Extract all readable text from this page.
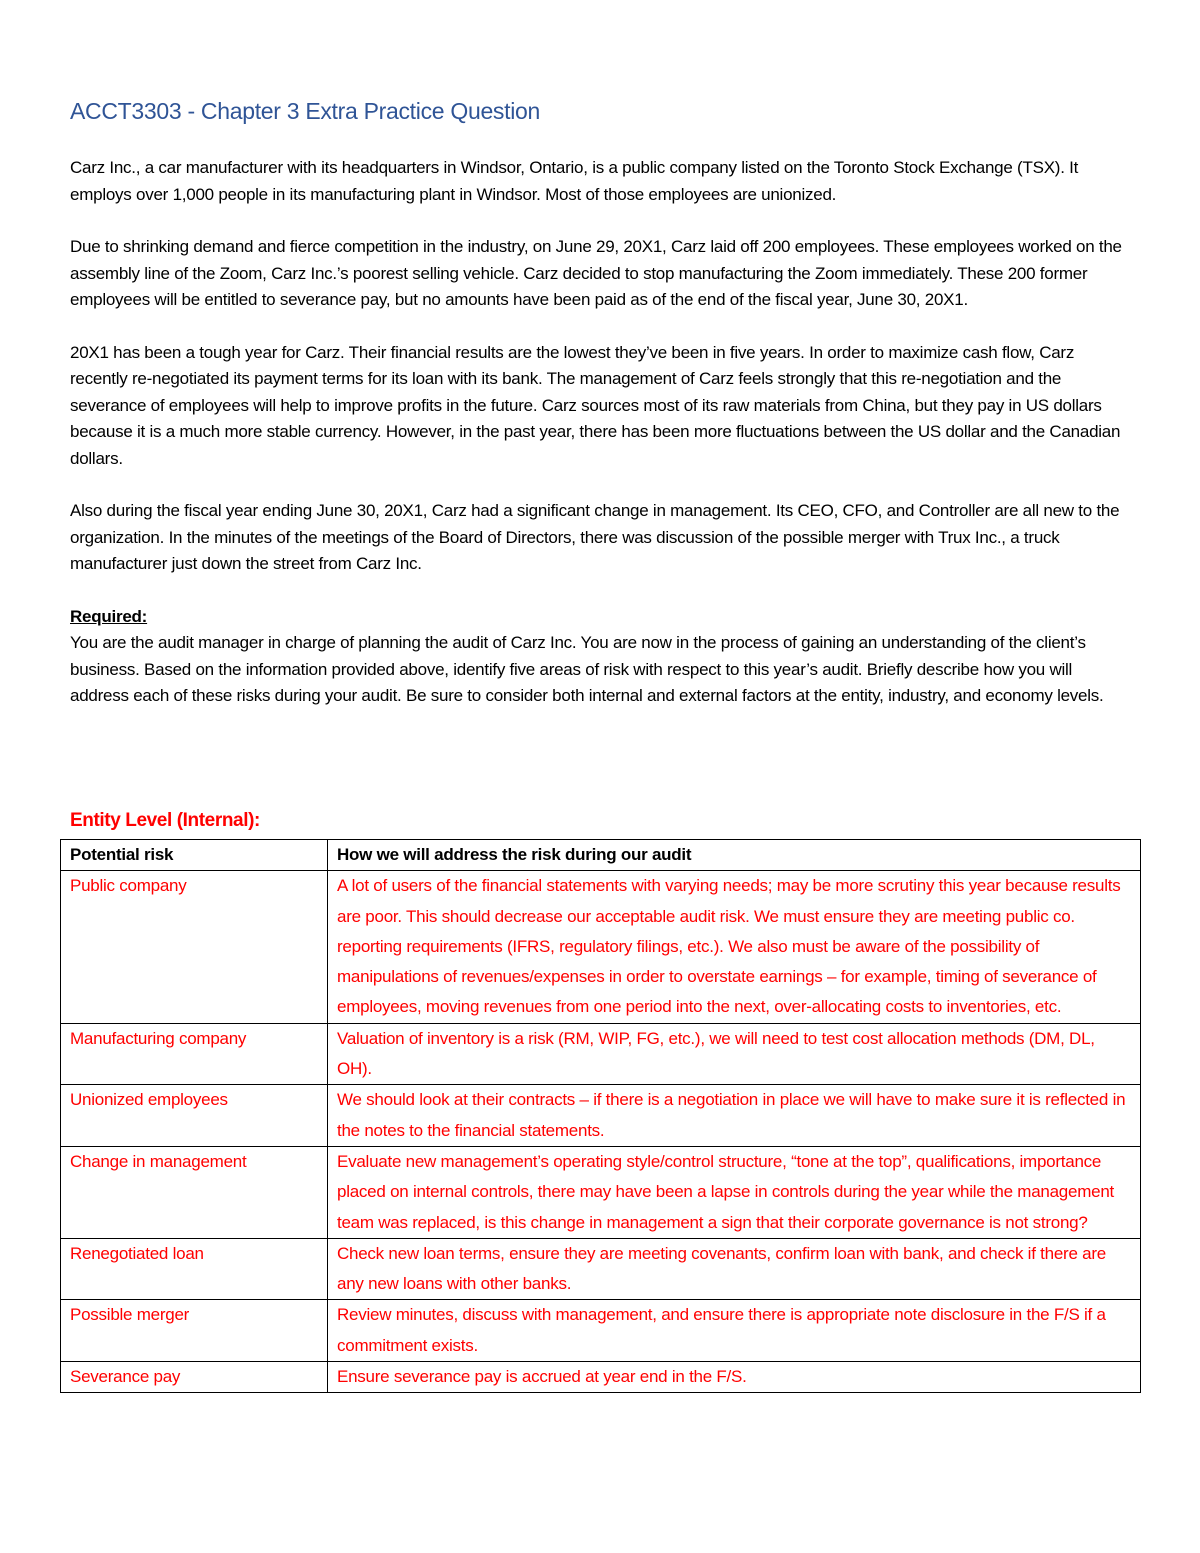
ACCT3303 - Chapter 3 Extra Practice Question

Carz Inc., a car manufacturer with its headquarters in Windsor, Ontario, is a public company listed on the Toronto Stock Exchange (TSX). It employs over 1,000 people in its manufacturing plant in Windsor. Most of those employees are unionized.

Due to shrinking demand and fierce competition in the industry, on June 29, 20X1, Carz laid off 200 employees. These employees worked on the assembly line of the Zoom, Carz Inc.’s poorest selling vehicle. Carz decided to stop manufacturing the Zoom immediately. These 200 former employees will be entitled to severance pay, but no amounts have been paid as of the end of the fiscal year, June 30, 20X1.

20X1 has been a tough year for Carz. Their financial results are the lowest they’ve been in five years. In order to maximize cash flow, Carz recently re-negotiated its payment terms for its loan with its bank. The management of Carz feels strongly that this re-negotiation and the severance of employees will help to improve profits in the future. Carz sources most of its raw materials from China, but they pay in US dollars because it is a much more stable currency. However, in the past year, there has been more fluctuations between the US dollar and the Canadian dollars.

Also during the fiscal year ending June 30, 20X1, Carz had a significant change in management. Its CEO, CFO, and Controller are all new to the organization. In the minutes of the meetings of the Board of Directors, there was discussion of the possible merger with Trux Inc., a truck manufacturer just down the street from Carz Inc.

Required:

You are the audit manager in charge of planning the audit of Carz Inc. You are now in the process of gaining an understanding of the client’s business. Based on the information provided above, identify five areas of risk with respect to this year’s audit. Briefly describe how you will address each of these risks during your audit. Be sure to consider both internal and external factors at the entity, industry, and economy levels.

Entity Level (Internal):
Potential risk	How we will address the risk during our audit
Public company	A lot of users of the financial statements with varying needs; may be more scrutiny this year because results are poor. This should decrease our acceptable audit risk. We must ensure they are meeting public co. reporting requirements (IFRS, regulatory filings, etc.). We also must be aware of the possibility of manipulations of revenues/expenses in order to overstate earnings – for example, timing of severance of employees, moving revenues from one period into the next, over-allocating costs to inventories, etc.
Manufacturing company	Valuation of inventory is a risk (RM, WIP, FG, etc.), we will need to test cost allocation methods (DM, DL, OH).
Unionized employees	We should look at their contracts – if there is a negotiation in place we will have to make sure it is reflected in the notes to the financial statements.
Change in management	Evaluate new management’s operating style/control structure, “tone at the top”, qualifications, importance placed on internal controls, there may have been a lapse in controls during the year while the management team was replaced, is this change in management a sign that their corporate governance is not strong?
Renegotiated loan	Check new loan terms, ensure they are meeting covenants, confirm loan with bank, and check if there are any new loans with other banks.
Possible merger	Review minutes, discuss with management, and ensure there is appropriate note disclosure in the F/S if a commitment exists.
Severance pay	Ensure severance pay is accrued at year end in the F/S.
